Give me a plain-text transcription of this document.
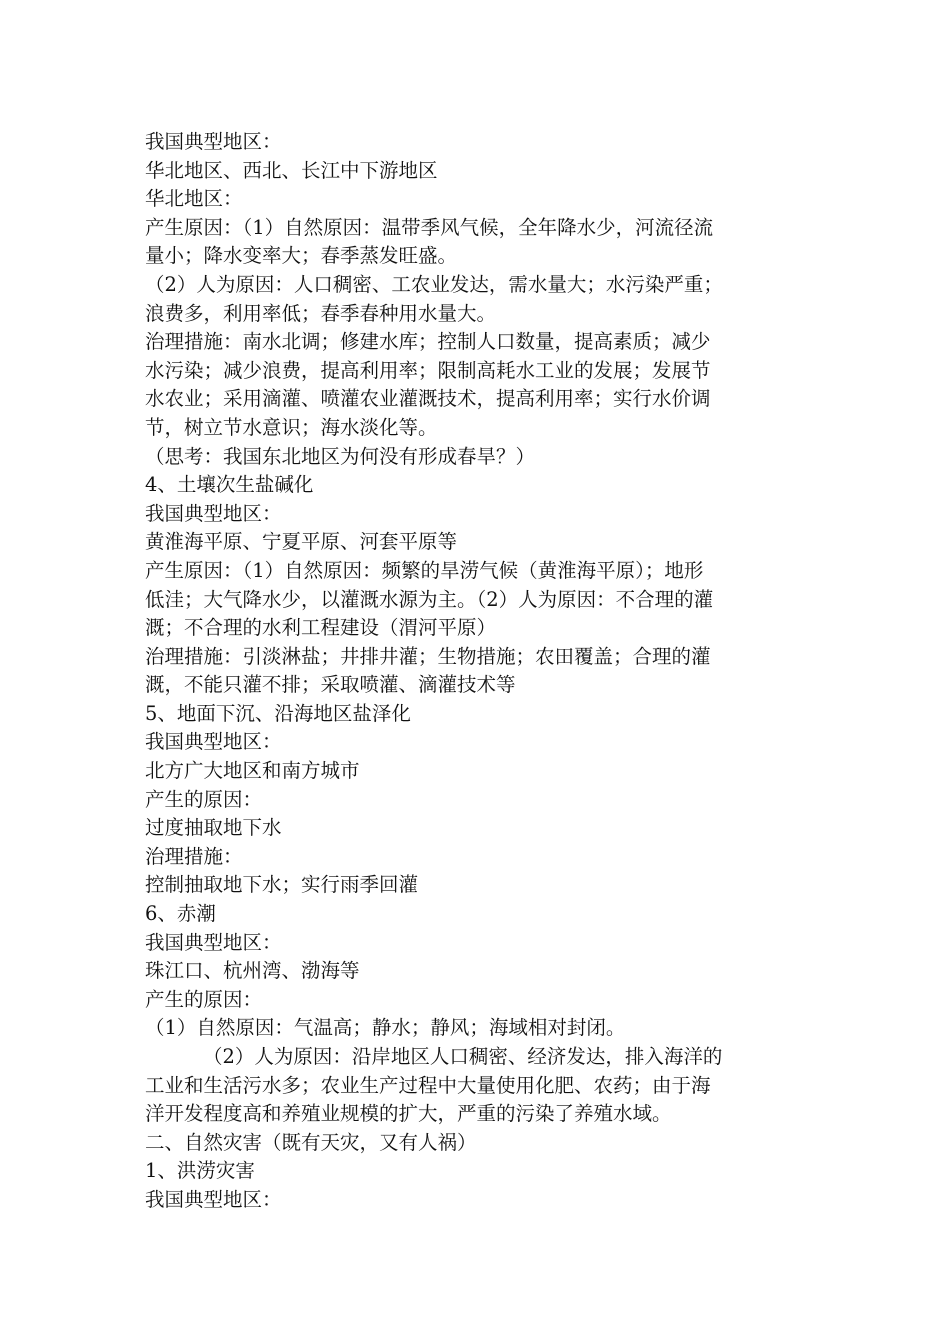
我国典型地区：

华北地区、西北、长江中下游地区

华北地区：

产生原因：（1）自然原因：温带季风气候，全年降水少，河流径流

量小；降水变率大；春季蒸发旺盛。

（2）人为原因：人口稠密、工农业发达，需水量大；水污染严重；

浪费多，利用率低；春季春种用水量大。

治理措施：南水北调；修建水库；控制人口数量，提高素质；减少

水污染；减少浪费，提高利用率；限制高耗水工业的发展；发展节

水农业；采用滴灌、喷灌农业灌溉技术，提高利用率；实行水价调

节，树立节水意识；海水淡化等。

（思考：我国东北地区为何没有形成春旱？）

4、土壤次生盐碱化

我国典型地区：

黄淮海平原、宁夏平原、河套平原等

产生原因：（1）自然原因：频繁的旱涝气候（黄淮海平原）；地形

低洼；大气降水少，以灌溉水源为主。（2）人为原因：不合理的灌

溉；不合理的水利工程建设（渭河平原）

治理措施：引淡淋盐；井排井灌；生物措施；农田覆盖；合理的灌

溉，不能只灌不排；采取喷灌、滴灌技术等

5、地面下沉、沿海地区盐泽化

我国典型地区：

北方广大地区和南方城市

产生的原因：

过度抽取地下水

治理措施：

控制抽取地下水；实行雨季回灌

6、赤潮

我国典型地区：

珠江口、杭州湾、渤海等

产生的原因：

（1）自然原因：气温高；静水；静风；海域相对封闭。

（2）人为原因：沿岸地区人口稠密、经济发达，排入海洋的

工业和生活污水多；农业生产过程中大量使用化肥、农药；由于海

洋开发程度高和养殖业规模的扩大，严重的污染了养殖水域。

二、自然灾害（既有天灾，又有人祸）

1、洪涝灾害

我国典型地区：
